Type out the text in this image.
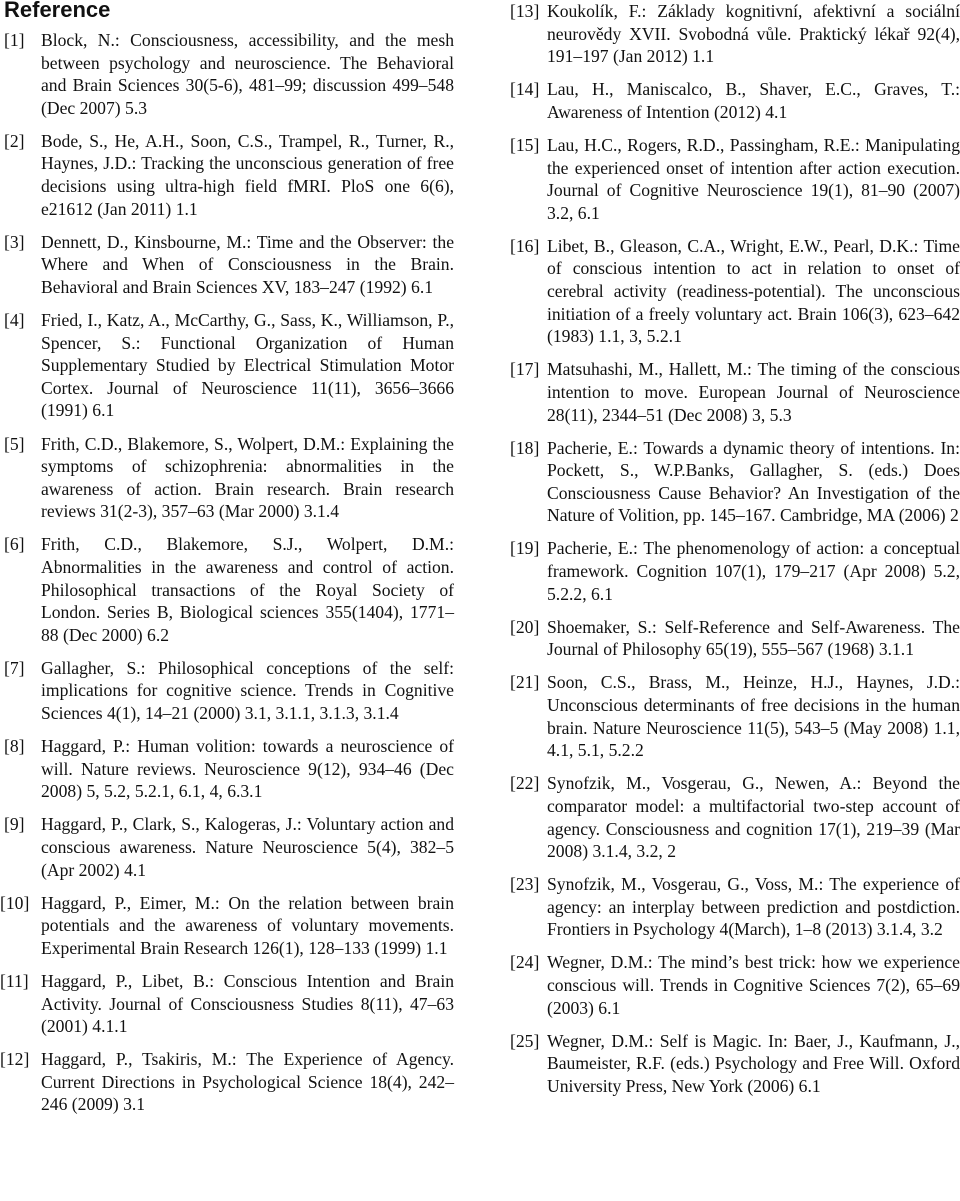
Reference
[1] Block, N.: Consciousness, accessibility, and the mesh between psychology and neuroscience. The Behavioral and Brain Sciences 30(5-6), 481–99; discussion 499–548 (Dec 2007) 5.3
[2] Bode, S., He, A.H., Soon, C.S., Trampel, R., Turner, R., Haynes, J.D.: Tracking the unconscious generation of free decisions using ultra-high field fMRI. PloS one 6(6), e21612 (Jan 2011) 1.1
[3] Dennett, D., Kinsbourne, M.: Time and the Observer: the Where and When of Consciousness in the Brain. Behavioral and Brain Sciences XV, 183–247 (1992) 6.1
[4] Fried, I., Katz, A., McCarthy, G., Sass, K., Williamson, P., Spencer, S.: Functional Organization of Human Supplementary Studied by Electrical Stimulation Motor Cortex. Journal of Neuroscience 11(11), 3656–3666 (1991) 6.1
[5] Frith, C.D., Blakemore, S., Wolpert, D.M.: Explaining the symptoms of schizophrenia: abnormalities in the awareness of action. Brain research. Brain research reviews 31(2-3), 357–63 (Mar 2000) 3.1.4
[6] Frith, C.D., Blakemore, S.J., Wolpert, D.M.: Abnormalities in the awareness and control of action. Philosophical transactions of the Royal Society of London. Series B, Biological sciences 355(1404), 1771–88 (Dec 2000) 6.2
[7] Gallagher, S.: Philosophical conceptions of the self: implications for cognitive science. Trends in Cognitive Sciences 4(1), 14–21 (2000) 3.1, 3.1.1, 3.1.3, 3.1.4
[8] Haggard, P.: Human volition: towards a neuroscience of will. Nature reviews. Neuroscience 9(12), 934–46 (Dec 2008) 5, 5.2, 5.2.1, 6.1, 4, 6.3.1
[9] Haggard, P., Clark, S., Kalogeras, J.: Voluntary action and conscious awareness. Nature Neuroscience 5(4), 382–5 (Apr 2002) 4.1
[10] Haggard, P., Eimer, M.: On the relation between brain potentials and the awareness of voluntary movements. Experimental Brain Research 126(1), 128–133 (1999) 1.1
[11] Haggard, P., Libet, B.: Conscious Intention and Brain Activity. Journal of Consciousness Studies 8(11), 47–63 (2001) 4.1.1
[12] Haggard, P., Tsakiris, M.: The Experience of Agency. Current Directions in Psychological Science 18(4), 242–246 (2009) 3.1
[13] Koukolík, F.: Základy kognitivní, afektivní a sociální neurovědy XVII. Svobodná vůle. Praktický lékař 92(4), 191–197 (Jan 2012) 1.1
[14] Lau, H., Maniscalco, B., Shaver, E.C., Graves, T.: Awareness of Intention (2012) 4.1
[15] Lau, H.C., Rogers, R.D., Passingham, R.E.: Manipulating the experienced onset of intention after action execution. Journal of Cognitive Neuroscience 19(1), 81–90 (2007) 3.2, 6.1
[16] Libet, B., Gleason, C.A., Wright, E.W., Pearl, D.K.: Time of conscious intention to act in relation to onset of cerebral activity (readiness-potential). The unconscious initiation of a freely voluntary act. Brain 106(3), 623–642 (1983) 1.1, 3, 5.2.1
[17] Matsuhashi, M., Hallett, M.: The timing of the conscious intention to move. European Journal of Neuroscience 28(11), 2344–51 (Dec 2008) 3, 5.3
[18] Pacherie, E.: Towards a dynamic theory of intentions. In: Pockett, S., W.P.Banks, Gallagher, S. (eds.) Does Consciousness Cause Behavior? An Investigation of the Nature of Volition, pp. 145–167. Cambridge, MA (2006) 2
[19] Pacherie, E.: The phenomenology of action: a conceptual framework. Cognition 107(1), 179–217 (Apr 2008) 5.2, 5.2.2, 6.1
[20] Shoemaker, S.: Self-Reference and Self-Awareness. The Journal of Philosophy 65(19), 555–567 (1968) 3.1.1
[21] Soon, C.S., Brass, M., Heinze, H.J., Haynes, J.D.: Unconscious determinants of free decisions in the human brain. Nature Neuroscience 11(5), 543–5 (May 2008) 1.1, 4.1, 5.1, 5.2.2
[22] Synofzik, M., Vosgerau, G., Newen, A.: Beyond the comparator model: a multifactorial two-step account of agency. Consciousness and cognition 17(1), 219–39 (Mar 2008) 3.1.4, 3.2, 2
[23] Synofzik, M., Vosgerau, G., Voss, M.: The experience of agency: an interplay between prediction and postdiction. Frontiers in Psychology 4(March), 1–8 (2013) 3.1.4, 3.2
[24] Wegner, D.M.: The mind’s best trick: how we experience conscious will. Trends in Cognitive Sciences 7(2), 65–69 (2003) 6.1
[25] Wegner, D.M.: Self is Magic. In: Baer, J., Kaufmann, J., Baumeister, R.F. (eds.) Psychology and Free Will. Oxford University Press, New York (2006) 6.1
